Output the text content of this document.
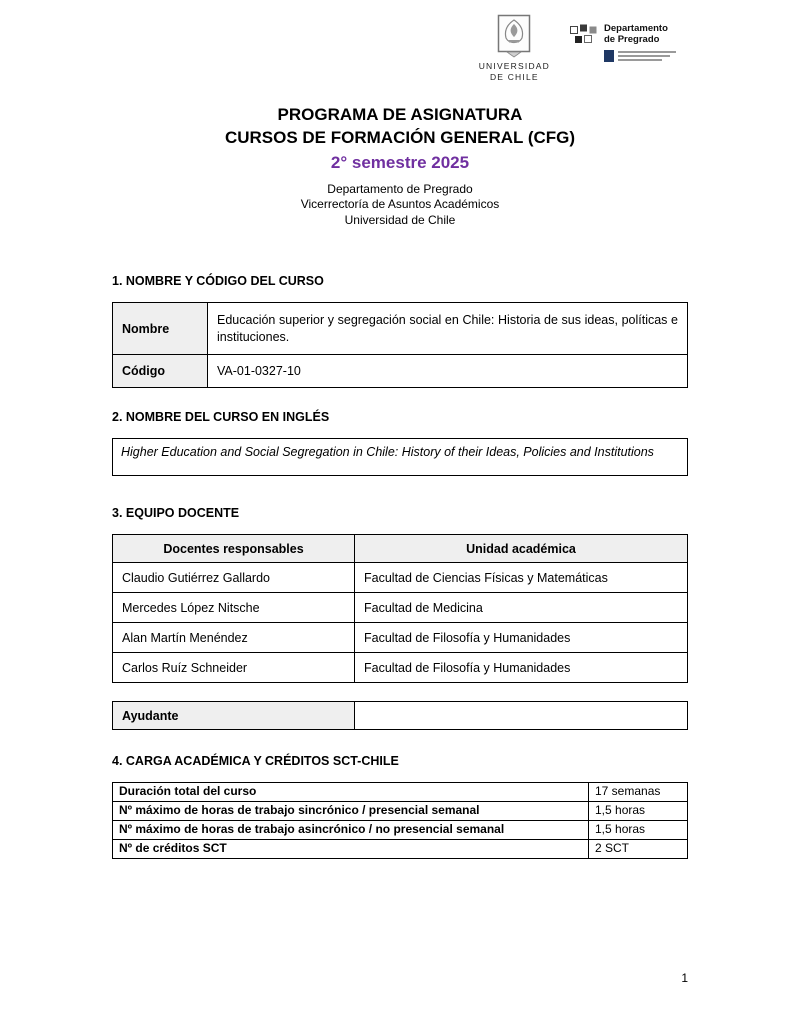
UNIVERSIDAD
DE CHILE
Departamento
de Pregrado
PROGRAMA DE ASIGNATURA
CURSOS DE FORMACIÓN GENERAL (CFG)
2° semestre 2025
Departamento de Pregrado
Vicerrectoría de Asuntos Académicos
Universidad de Chile
1. NOMBRE Y CÓDIGO DEL CURSO
Nombre	Educación superior y segregación social en Chile: Historia de sus ideas, políticas e instituciones.
Código	VA-01-0327-10
2. NOMBRE DEL CURSO EN INGLÉS
Higher Education and Social Segregation in Chile: History of their Ideas, Policies and Institutions
3. EQUIPO DOCENTE
Docentes responsables	Unidad académica
Claudio Gutiérrez Gallardo	Facultad de Ciencias Físicas y Matemáticas
Mercedes López Nitsche	Facultad de Medicina
Alan Martín Menéndez	Facultad de Filosofía y Humanidades
Carlos Ruíz Schneider	Facultad de Filosofía y Humanidades
Ayudante	
4. CARGA ACADÉMICA Y CRÉDITOS SCT-CHILE
Duración total del curso	17 semanas
Nº máximo de horas de trabajo sincrónico / presencial semanal	1,5 horas
Nº máximo de horas de trabajo asincrónico / no presencial semanal	1,5 horas
Nº de créditos SCT	2 SCT
1
